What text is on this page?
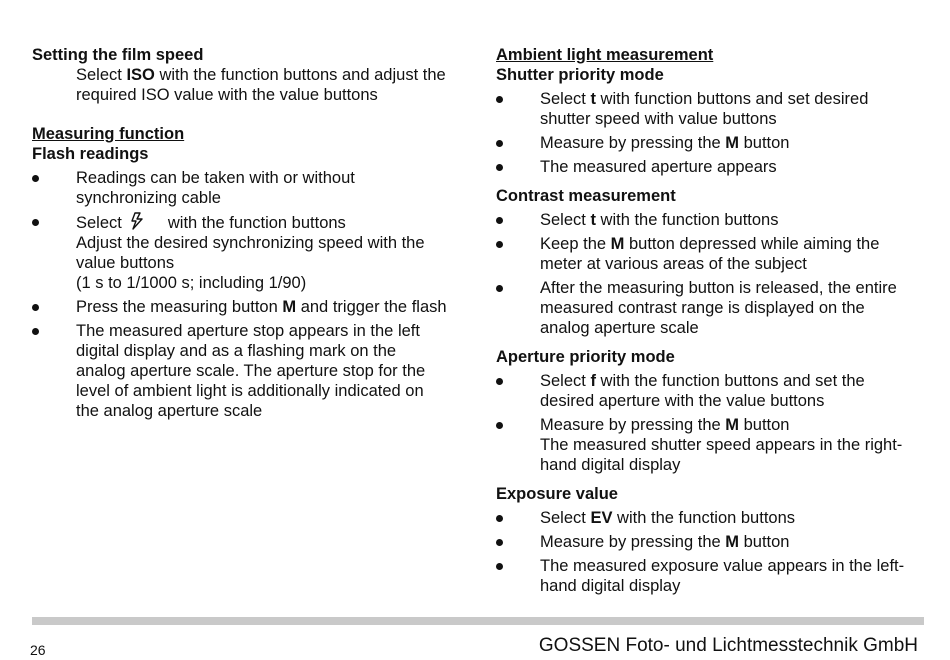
Setting the film speed

Select ISO with the function buttons and adjust the required ISO value with the value buttons

Measuring function

Flash readings

Readings can be taken with or without synchronizing cable
Select	with the function buttons
Adjust the desired synchronizing speed with the value buttons
(1 s to 1/1000 s; including 1/90)
Press the measuring button M and trigger the flash
The measured aperture stop appears in the left digital display and as a flashing mark on the analog aperture scale. The aperture stop for the level of ambient light is additionally indicated on the analog aperture scale

Ambient light measurement

Shutter priority mode

Select t with function buttons and set desired shutter speed with value buttons
Measure by pressing the M button
The measured aperture appears

Contrast measurement

Select t with the function buttons
Keep the M button depressed while aiming the meter at various areas of the subject
After the measuring button is released, the entire measured contrast range is displayed on the analog aperture scale

Aperture priority mode

Select f with the function buttons and set the desired aperture with the value buttons
Measure by pressing the M button
The measured shutter speed appears in the right-hand digital display

Exposure value

Select EV with the function buttons
Measure by pressing the M button
The measured exposure value appears in the left-hand digital display
26	GOSSEN Foto- und Lichtmesstechnik GmbH
